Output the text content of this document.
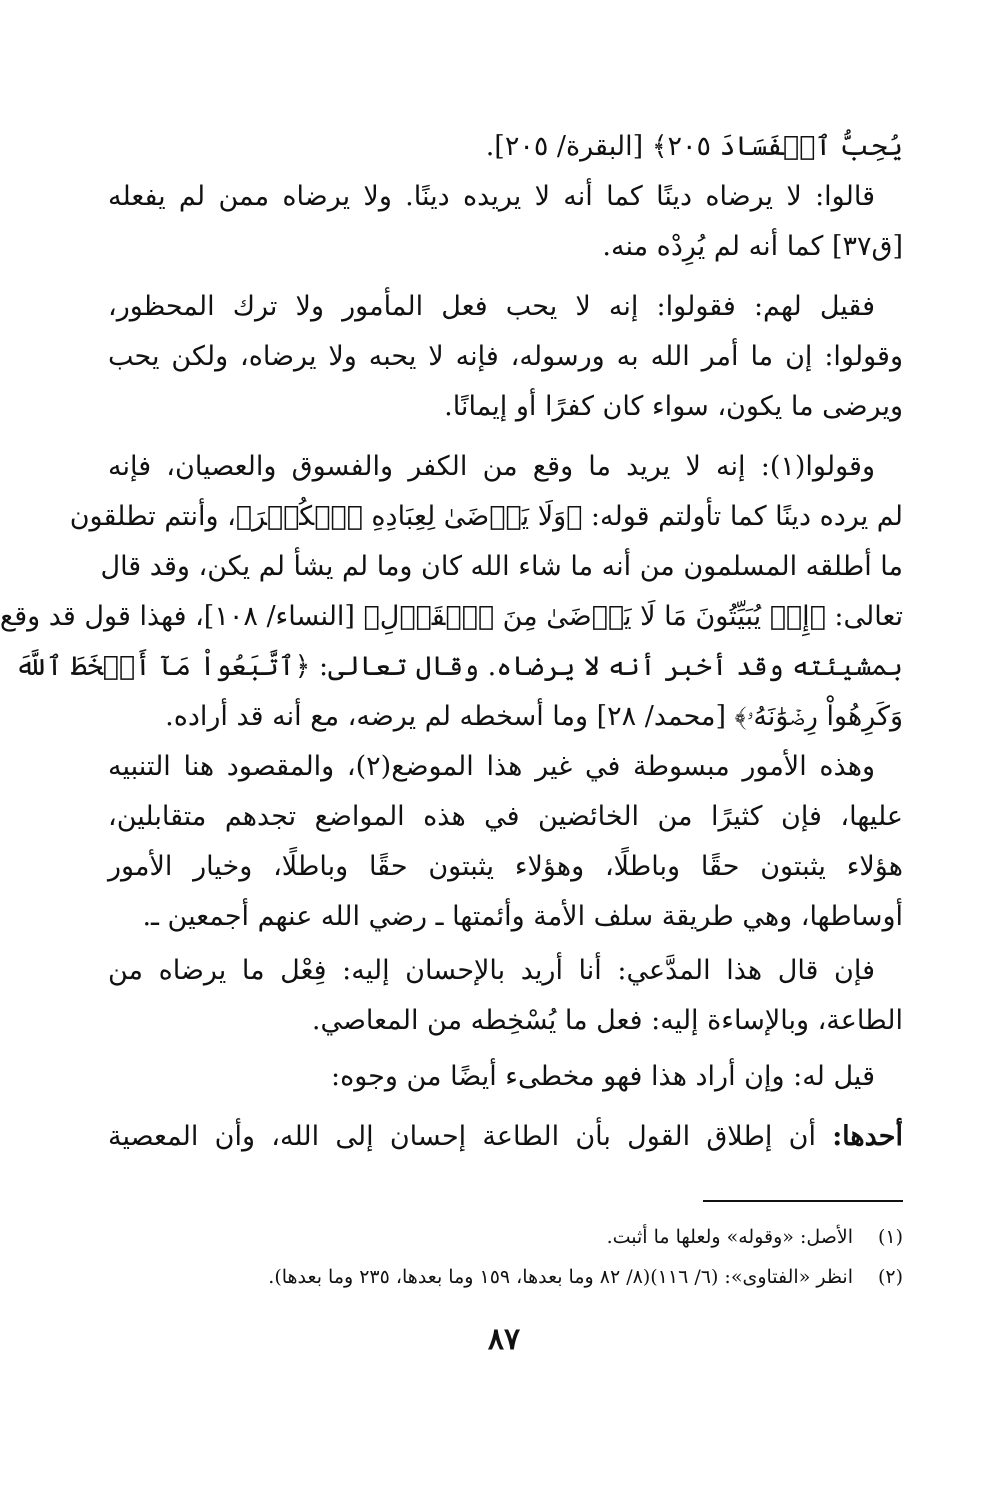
يُحِبُّ ٱلۡفَسَادَ ٢٠٥﴾ [البقرة/ ٢٠٥].
قالوا: لا يرضاه دينًا كما أنه لا يريده دينًا. ولا يرضاه ممن لم يفعله
[ق٣٧] كما أنه لم يُرِدْه منه.
فقيل لهم: فقولوا: إنه لا يحب فعل المأمور ولا ترك المحظور،
وقولوا: إن ما أمر الله به ورسوله، فإنه لا يحبه ولا يرضاه، ولكن يحب
ويرضى ما يكون، سواء كان كفرًا أو إيمانًا.
وقولوا(١): إنه لا يريد ما وقع من الكفر والفسوق والعصيان، فإنه
لم يرده دينًا كما تأولتم قوله: ﴿وَلَا يَرۡضَىٰ لِعِبَادِهِ ٱلۡكُفۡرَ﴾، وأنتم تطلقون
ما أطلقه المسلمون من أنه ما شاء الله كان وما لم يشأ لم يكن، وقد قال
تعالى: ﴿إِذۡ يُبَيِّتُونَ مَا لَا يَرۡضَىٰ مِنَ ٱلۡقَوۡلِ﴾ [النساء/ ١٠٨]، فهذا قول قد وقع
بمشيئته وقد أخبر أنه لا يرضاه. وقال تعالى: ﴿ٱتَّبَعُواْ مَآ أَسۡخَطَ ٱللَّهَ
وَكَرِهُواْ رِضۡوَٰنَهُۥ﴾ [محمد/ ٢٨] وما أسخطه لم يرضه، مع أنه قد أراده.
وهذه الأمور مبسوطة في غير هذا الموضع(٢)، والمقصود هنا التنبيه
عليها، فإن كثيرًا من الخائضين في هذه المواضع تجدهم متقابلين،
هؤلاء يثبتون حقًا وباطلًا، وهؤلاء يثبتون حقًا وباطلًا، وخيار الأمور
أوساطها، وهي طريقة سلف الأمة وأئمتها ـ رضي الله عنهم أجمعين ـ.
فإن قال هذا المدَّعي: أنا أريد بالإحسان إليه: فِعْل ما يرضاه من
الطاعة، وبالإساءة إليه: فعل ما يُسْخِطه من المعاصي.
قيل له: وإن أراد هذا فهو مخطىء أيضًا من وجوه:
أحدها: أن إطلاق القول بأن الطاعة إحسان إلى الله، وأن المعصية
(١)الأصل: «وقوله» ولعلها ما أثبت.
(٢)انظر «الفتاوى»: (٦/ ١١٦)(٨/ ٨٢ وما بعدها، ١٥٩ وما بعدها، ٢٣٥ وما بعدها).
٨٧
